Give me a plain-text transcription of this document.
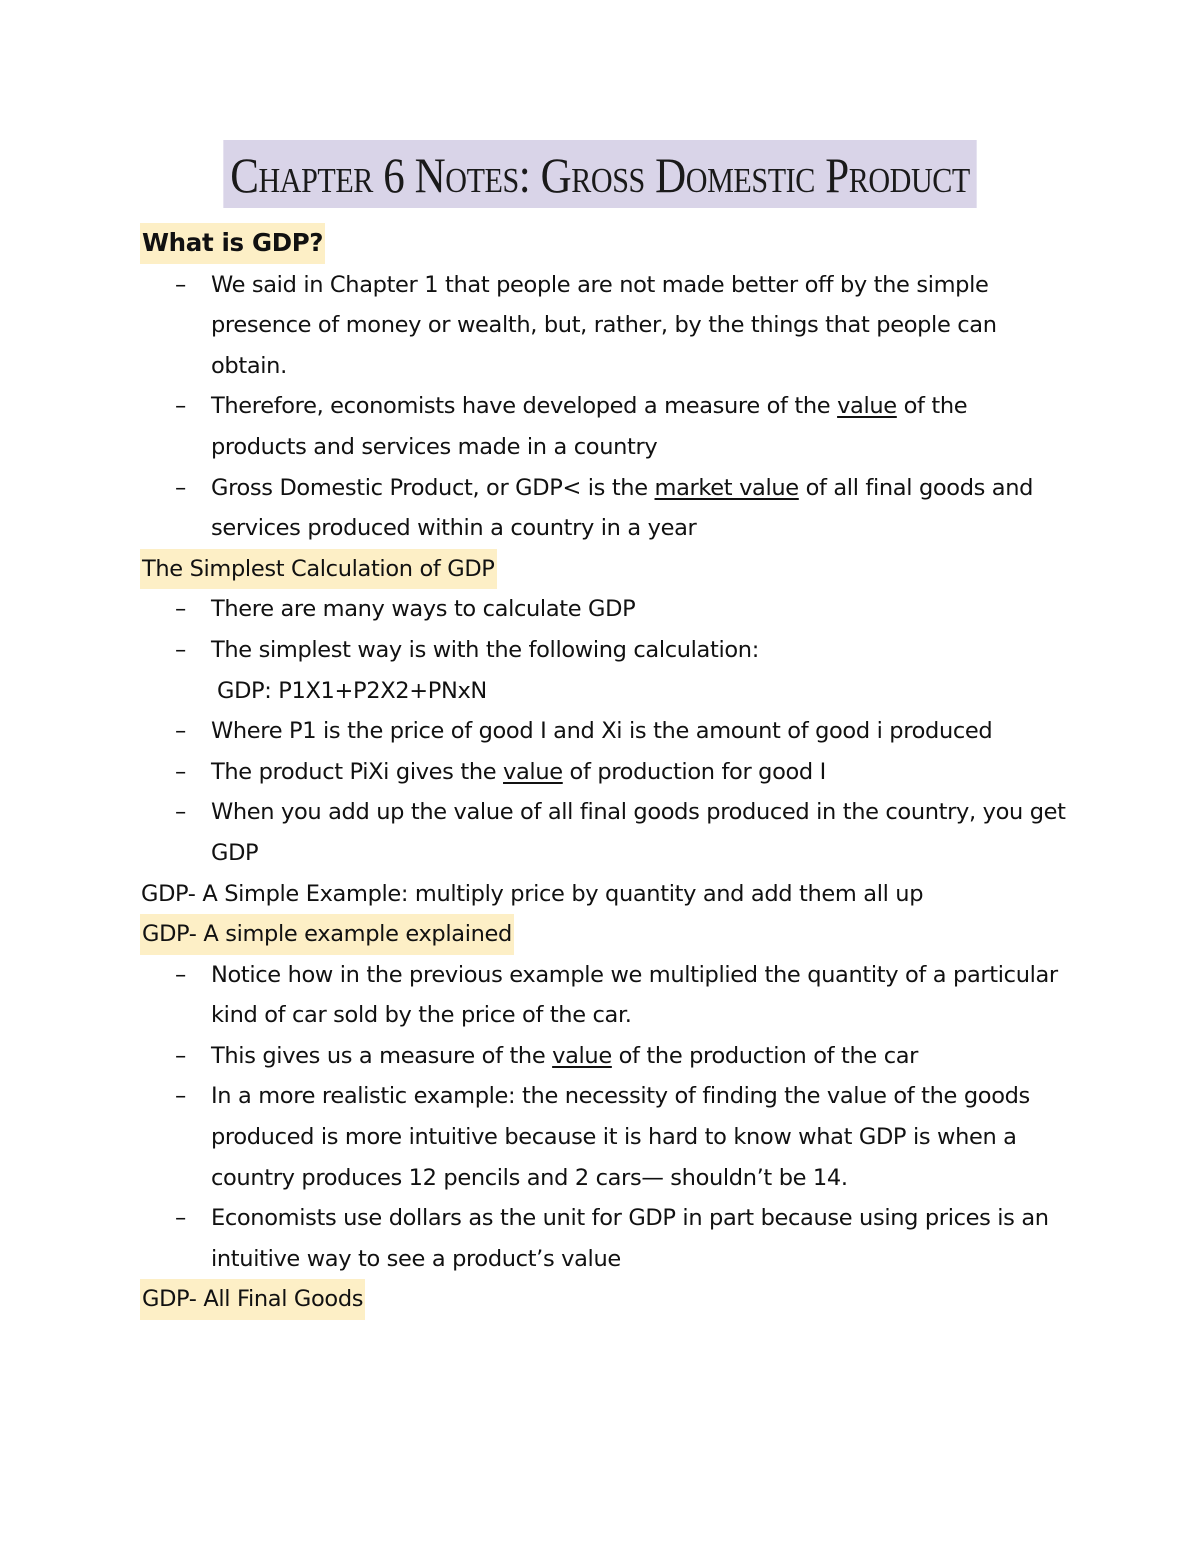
Chapter 6 Notes: Gross Domestic Product
What is GDP?
– We said in Chapter 1 that people are not made better off by the simple presence of money or wealth, but, rather, by the things that people can obtain.
– Therefore, economists have developed a measure of the value of the products and services made in a country
– Gross Domestic Product, or GDP< is the market value of all final goods and services produced within a country in a year
The Simplest Calculation of GDP
– There are many ways to calculate GDP
– The simplest way is with the following calculation:
GDP: P1X1+P2X2+PNxN
– Where P1 is the price of good I and Xi is the amount of good i produced
– The product PiXi gives the value of production for good I
– When you add up the value of all final goods produced in the country, you get GDP
GDP- A Simple Example: multiply price by quantity and add them all up
GDP- A simple example explained
– Notice how in the previous example we multiplied the quantity of a particular kind of car sold by the price of the car.
– This gives us a measure of the value of the production of the car
– In a more realistic example: the necessity of finding the value of the goods produced is more intuitive because it is hard to know what GDP is when a country produces 12 pencils and 2 cars— shouldn’t be 14.
– Economists use dollars as the unit for GDP in part because using prices is an intuitive way to see a product’s value
GDP- All Final Goods
